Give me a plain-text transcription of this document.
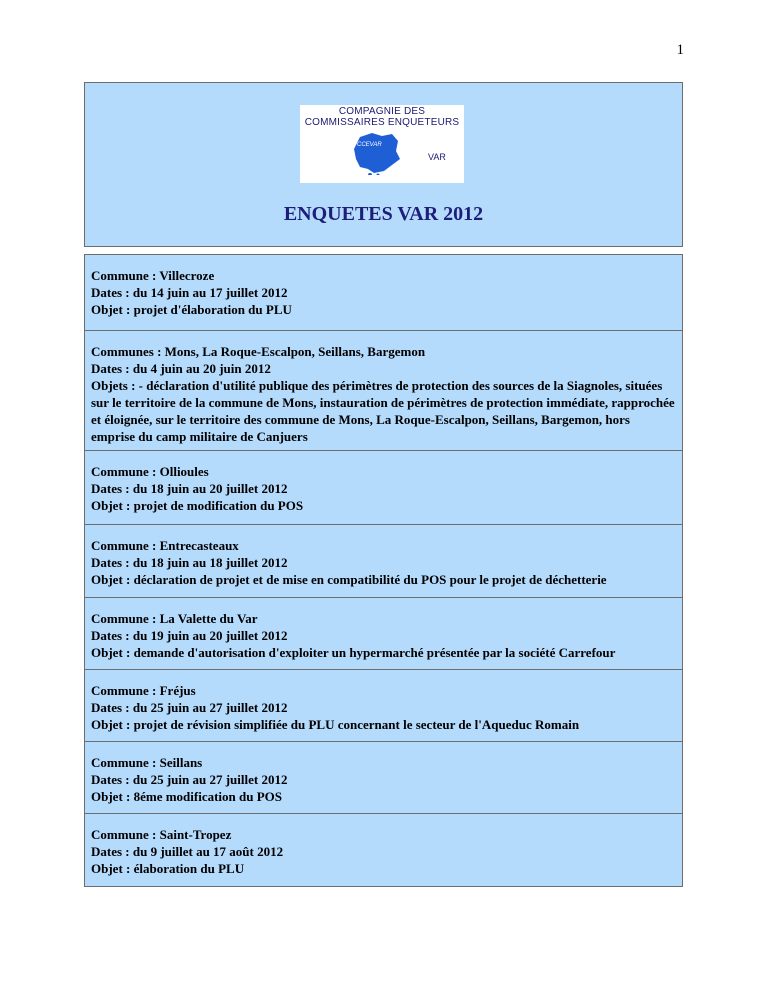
1
COMPAGNIE DES
COMMISSAIRES ENQUETEURS
CCEVAR
VAR
ENQUETES VAR 2012
Commune : Villecroze
Dates : du 14 juin au 17 juillet 2012
Objet : projet d'élaboration du PLU
Communes : Mons, La Roque-Escalpon, Seillans, Bargemon
Dates : du 4 juin au 20 juin 2012
Objets : - déclaration d'utilité publique des périmètres de protection des sources de la Siagnoles, situées sur le territoire de la commune de Mons, instauration de périmètres de protection immédiate, rapprochée et éloignée, sur le territoire des commune de Mons, La Roque-Escalpon, Seillans, Bargemon, hors emprise du camp militaire de Canjuers
Commune : Ollioules
Dates : du 18 juin au 20 juillet 2012
Objet : projet de modification du POS
Commune : Entrecasteaux
Dates : du 18 juin au 18 juillet 2012
Objet : déclaration de projet et de mise en compatibilité du POS pour le projet de déchetterie
Commune : La Valette du Var
Dates : du 19 juin au 20 juillet 2012
Objet : demande d'autorisation d'exploiter un hypermarché présentée par la société Carrefour
Commune : Fréjus
Dates : du 25 juin au 27 juillet 2012
Objet : projet de révision simplifiée du PLU concernant le secteur de l'Aqueduc Romain
Commune : Seillans
Dates : du 25 juin au 27 juillet 2012
Objet : 8éme modification du POS
Commune : Saint-Tropez
Dates : du 9 juillet au 17 août 2012
Objet : élaboration du PLU
